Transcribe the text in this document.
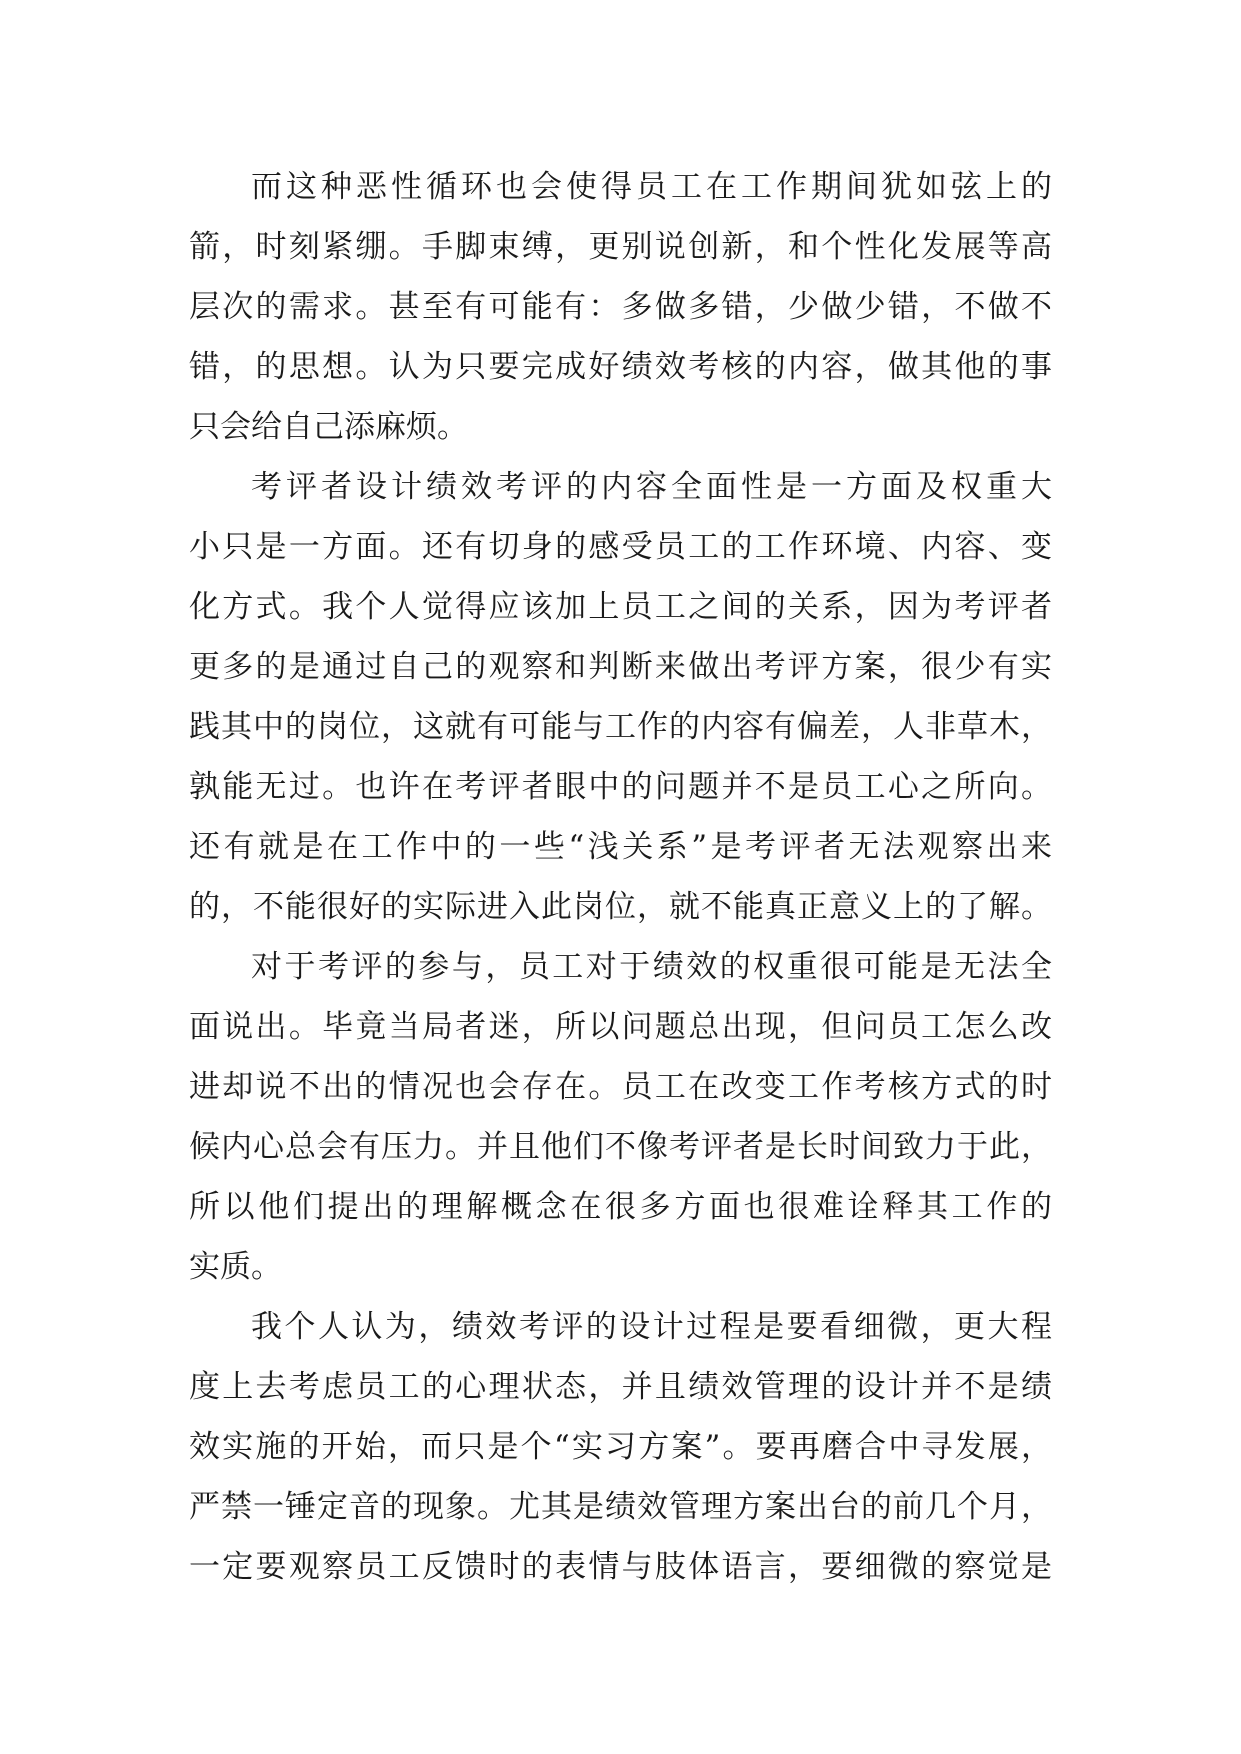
而这种恶性循环也会使得员工在工作期间犹如弦上的
箭，时刻紧绷。手脚束缚，更别说创新，和个性化发展等高
层次的需求。甚至有可能有：多做多错，少做少错，不做不
错，的思想。认为只要完成好绩效考核的内容，做其他的事
只会给自己添麻烦。
考评者设计绩效考评的内容全面性是一方面及权重大
小只是一方面。还有切身的感受员工的工作环境、内容、变
化方式。我个人觉得应该加上员工之间的关系，因为考评者
更多的是通过自己的观察和判断来做出考评方案，很少有实
践其中的岗位，这就有可能与工作的内容有偏差，人非草木，
孰能无过。也许在考评者眼中的问题并不是员工心之所向。
还有就是在工作中的一些“浅关系”是考评者无法观察出来
的，不能很好的实际进入此岗位，就不能真正意义上的了解。
对于考评的参与，员工对于绩效的权重很可能是无法全
面说出。毕竟当局者迷，所以问题总出现，但问员工怎么改
进却说不出的情况也会存在。员工在改变工作考核方式的时
候内心总会有压力。并且他们不像考评者是长时间致力于此，
所以他们提出的理解概念在很多方面也很难诠释其工作的
实质。
我个人认为，绩效考评的设计过程是要看细微，更大程
度上去考虑员工的心理状态，并且绩效管理的设计并不是绩
效实施的开始，而只是个“实习方案”。要再磨合中寻发展，
严禁一锤定音的现象。尤其是绩效管理方案出台的前几个月，
一定要观察员工反馈时的表情与肢体语言，要细微的察觉是
